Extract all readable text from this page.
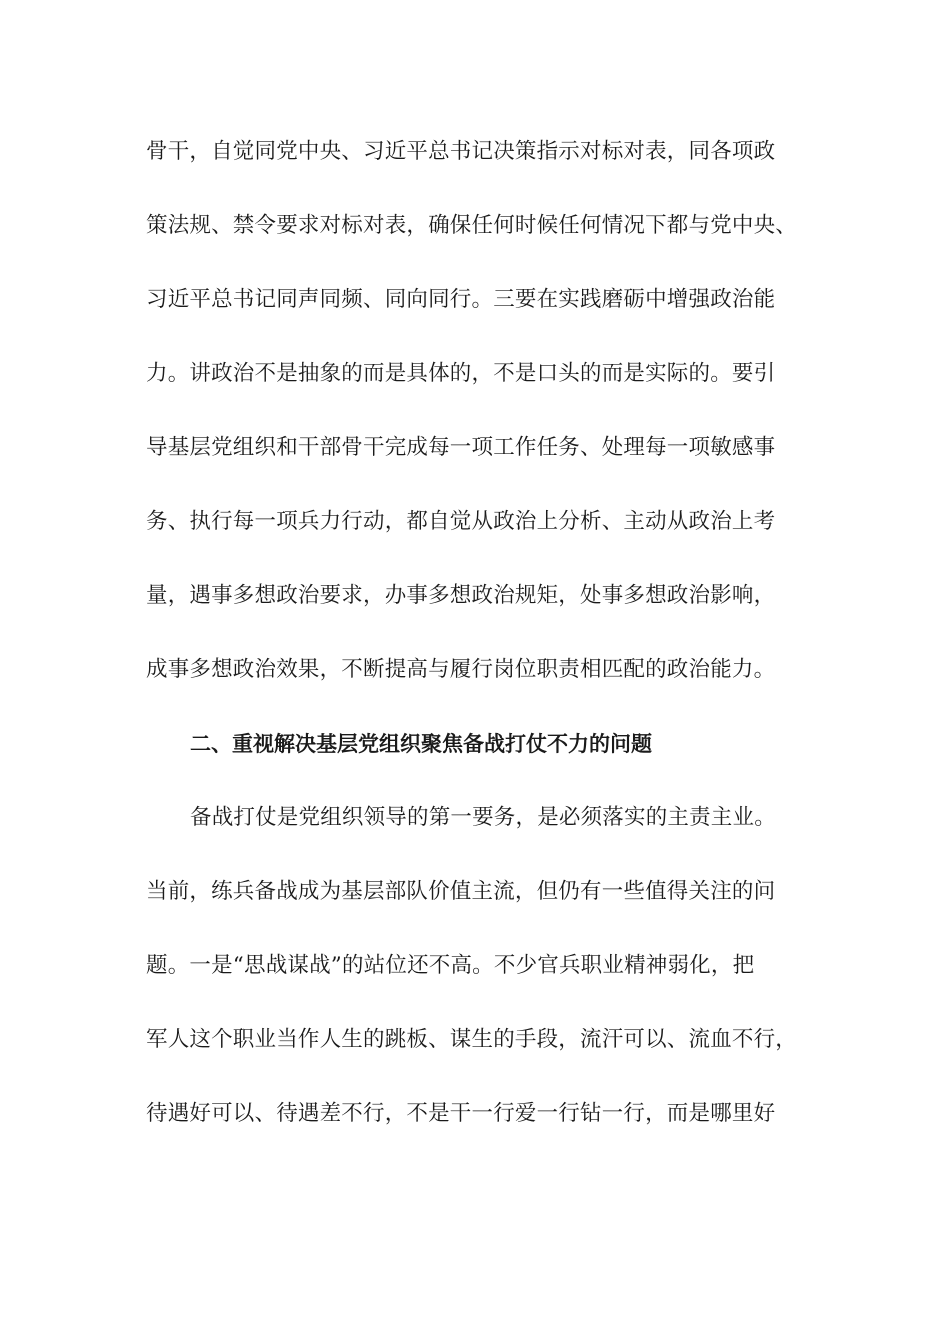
骨干，自觉同党中央、习近平总书记决策指示对标对表，同各项政
策法规、禁令要求对标对表，确保任何时候任何情况下都与党中央、
习近平总书记同声同频、同向同行。三要在实践磨砺中增强政治能
力。讲政治不是抽象的而是具体的，不是口头的而是实际的。要引
导基层党组织和干部骨干完成每一项工作任务、处理每一项敏感事
务、执行每一项兵力行动，都自觉从政治上分析、主动从政治上考
量，遇事多想政治要求，办事多想政治规矩，处事多想政治影响，
成事多想政治效果，不断提高与履行岗位职责相匹配的政治能力。
二、重视解决基层党组织聚焦备战打仗不力的问题
备战打仗是党组织领导的第一要务，是必须落实的主责主业。
当前，练兵备战成为基层部队价值主流，但仍有一些值得关注的问
题。一是“思战谋战”的站位还不高。不少官兵职业精神弱化，把
军人这个职业当作人生的跳板、谋生的手段，流汗可以、流血不行，
待遇好可以、待遇差不行，不是干一行爱一行钻一行，而是哪里好
